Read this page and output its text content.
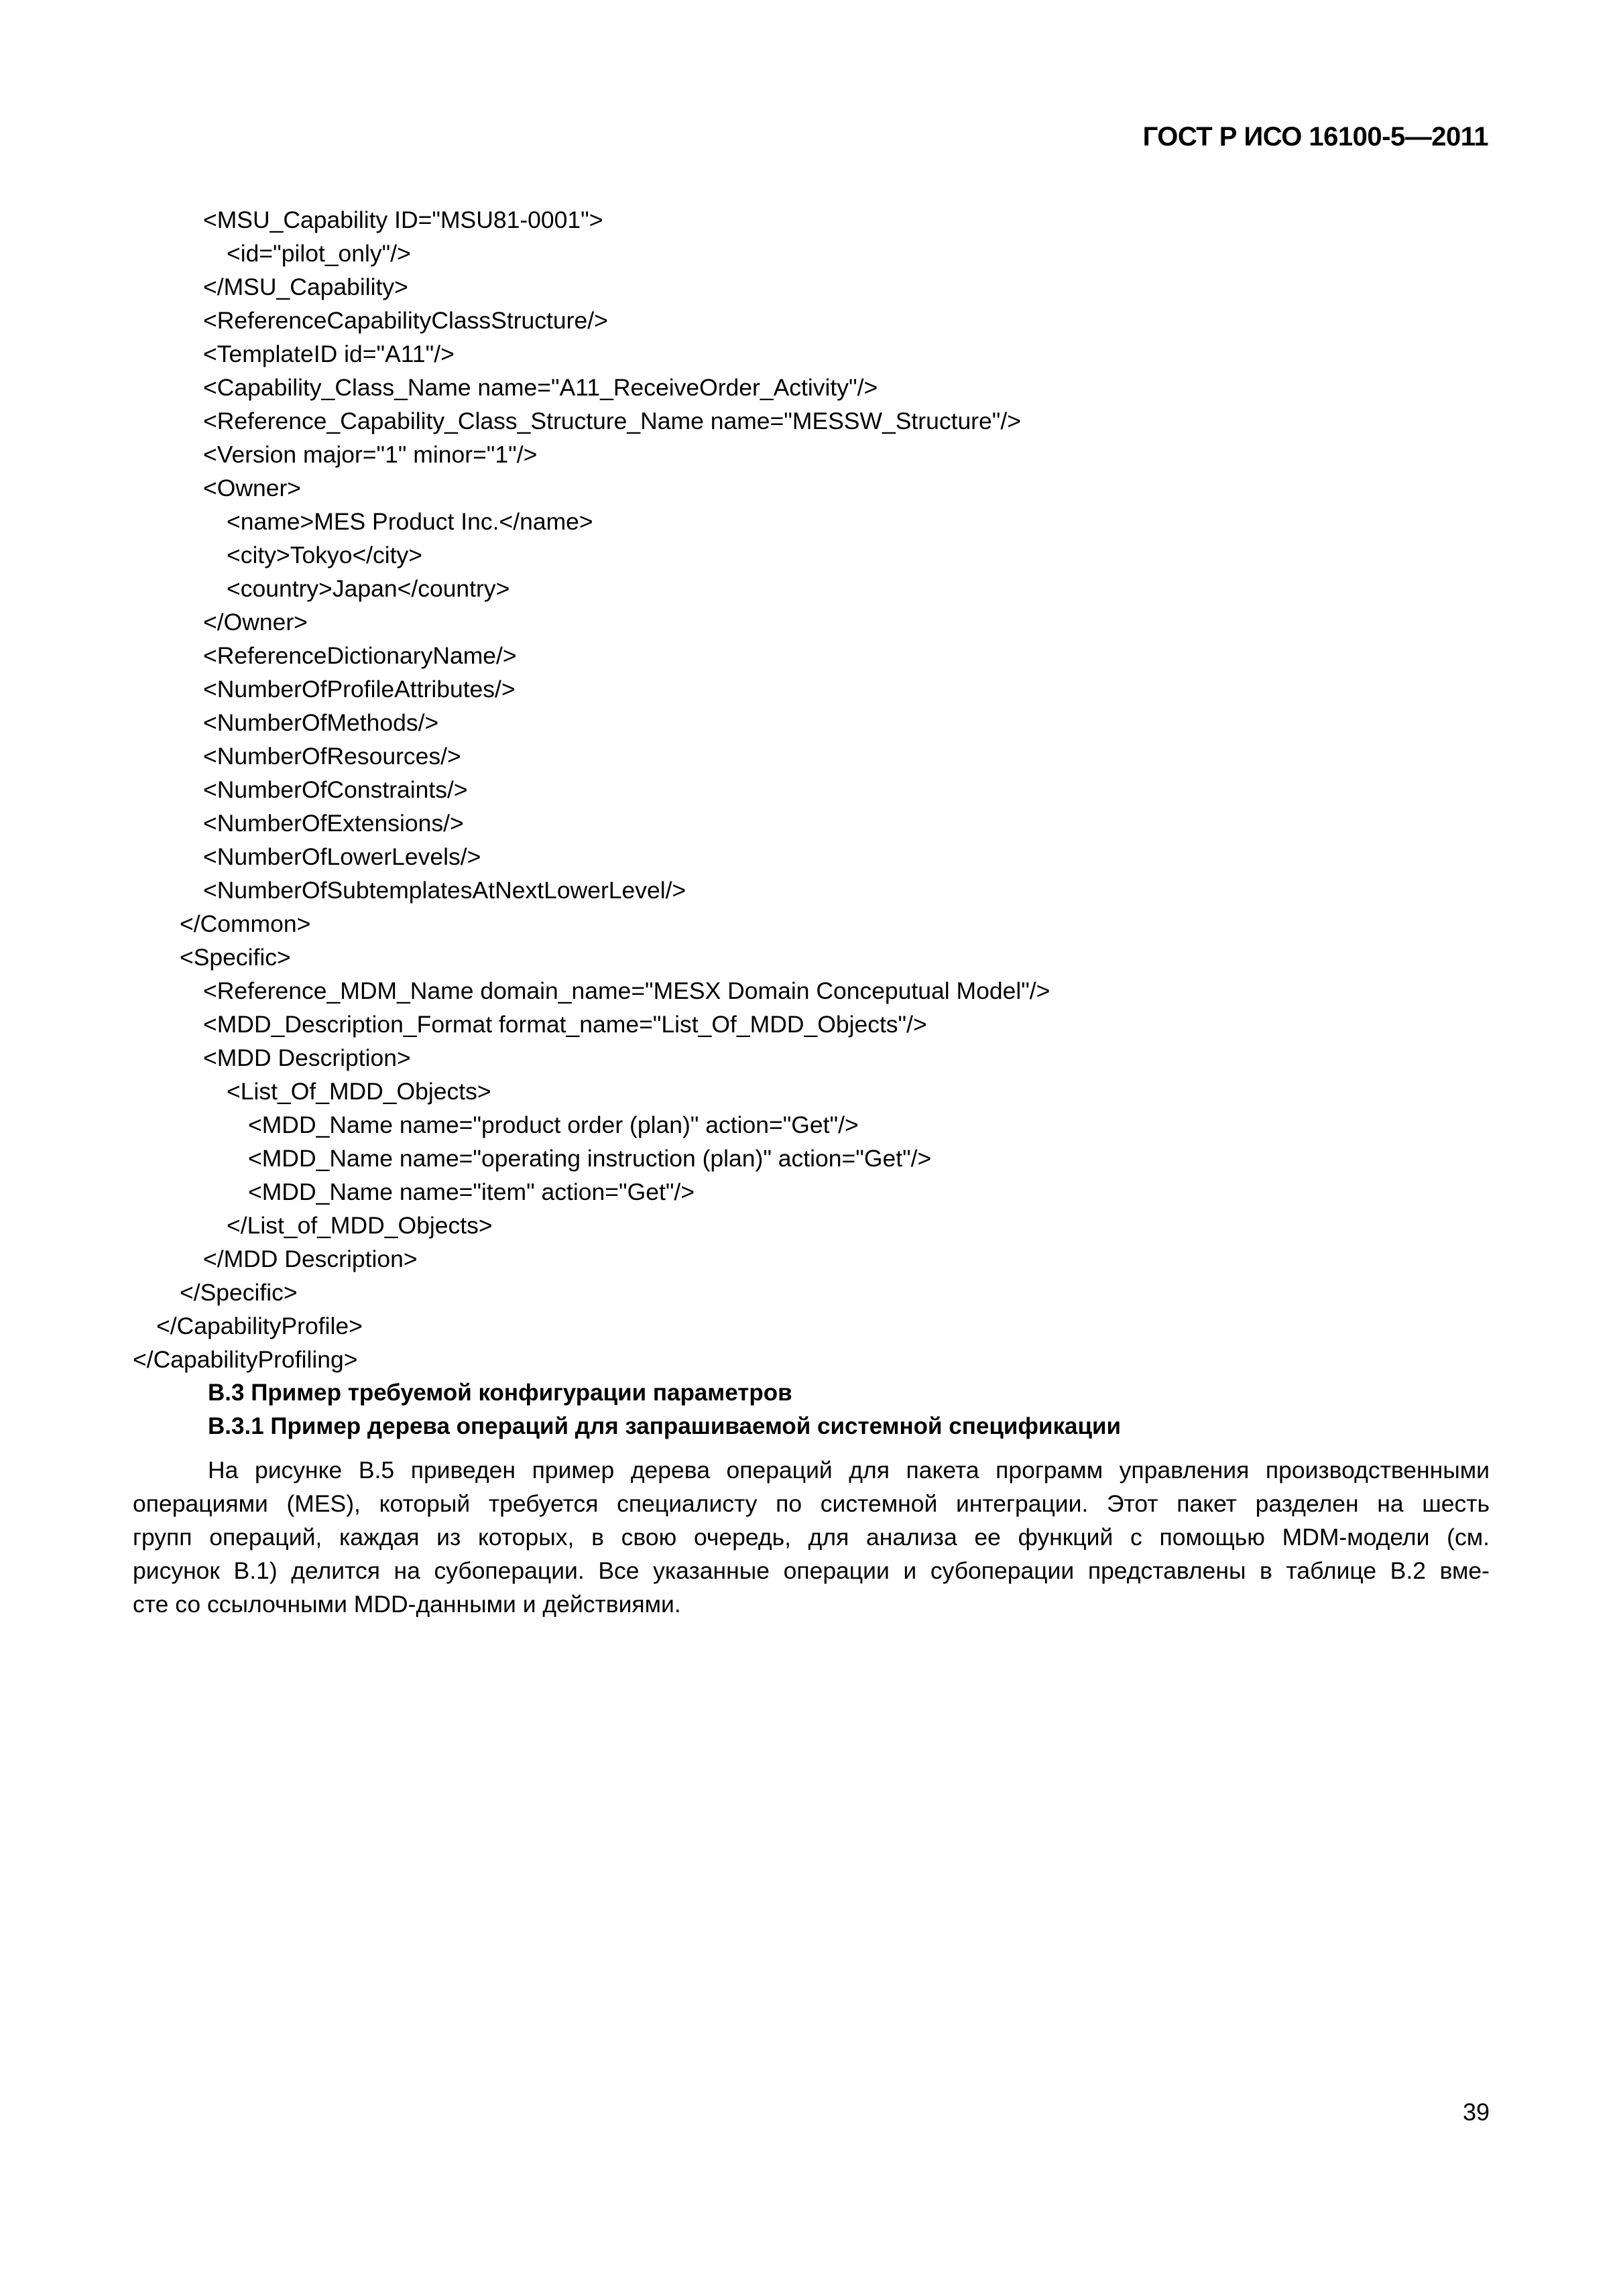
ГОСТ Р ИСО 16100-5—2011
<MSU_Capability ID="MSU81-0001">
<id="pilot_only"/>
</MSU_Capability>
<ReferenceCapabilityClassStructure/>
<TemplateID id="A11"/>
<Capability_Class_Name name="A11_ReceiveOrder_Activity"/>
<Reference_Capability_Class_Structure_Name name="MESSW_Structure"/>
<Version major="1" minor="1"/>
<Owner>
<name>MES Product Inc.</name>
<city>Tokyo</city>
<country>Japan</country>
</Owner>
<ReferenceDictionaryName/>
<NumberOfProfileAttributes/>
<NumberOfMethods/>
<NumberOfResources/>
<NumberOfConstraints/>
<NumberOfExtensions/>
<NumberOfLowerLevels/>
<NumberOfSubtemplatesAtNextLowerLevel/>
</Common>
<Specific>
<Reference_MDM_Name domain_name="MESX Domain Conceputual Model"/>
<MDD_Description_Format format_name="List_Of_MDD_Objects"/>
<MDD Description>
<List_Of_MDD_Objects>
<MDD_Name name="product order (plan)" action="Get"/>
<MDD_Name name="operating instruction (plan)" action="Get"/>
<MDD_Name name="item" action="Get"/>
</List_of_MDD_Objects>
</MDD Description>
</Specific>
</CapabilityProfile>
</CapabilityProfiling>
B.3 Пример требуемой конфигурации параметров
B.3.1 Пример дерева операций для запрашиваемой системной спецификации
На рисунке B.5 приведен пример дерева операций для пакета программ управления производственными
операциями (MES), который требуется специалисту по системной интеграции. Этот пакет разделен на шесть
групп операций, каждая из которых, в свою очередь, для анализа ее функций с помощью MDM-модели (см.
рисунок B.1) делится на субоперации. Все указанные операции и субоперации представлены в таблице B.2 вме-
сте со ссылочными MDD-данными и действиями.
39
